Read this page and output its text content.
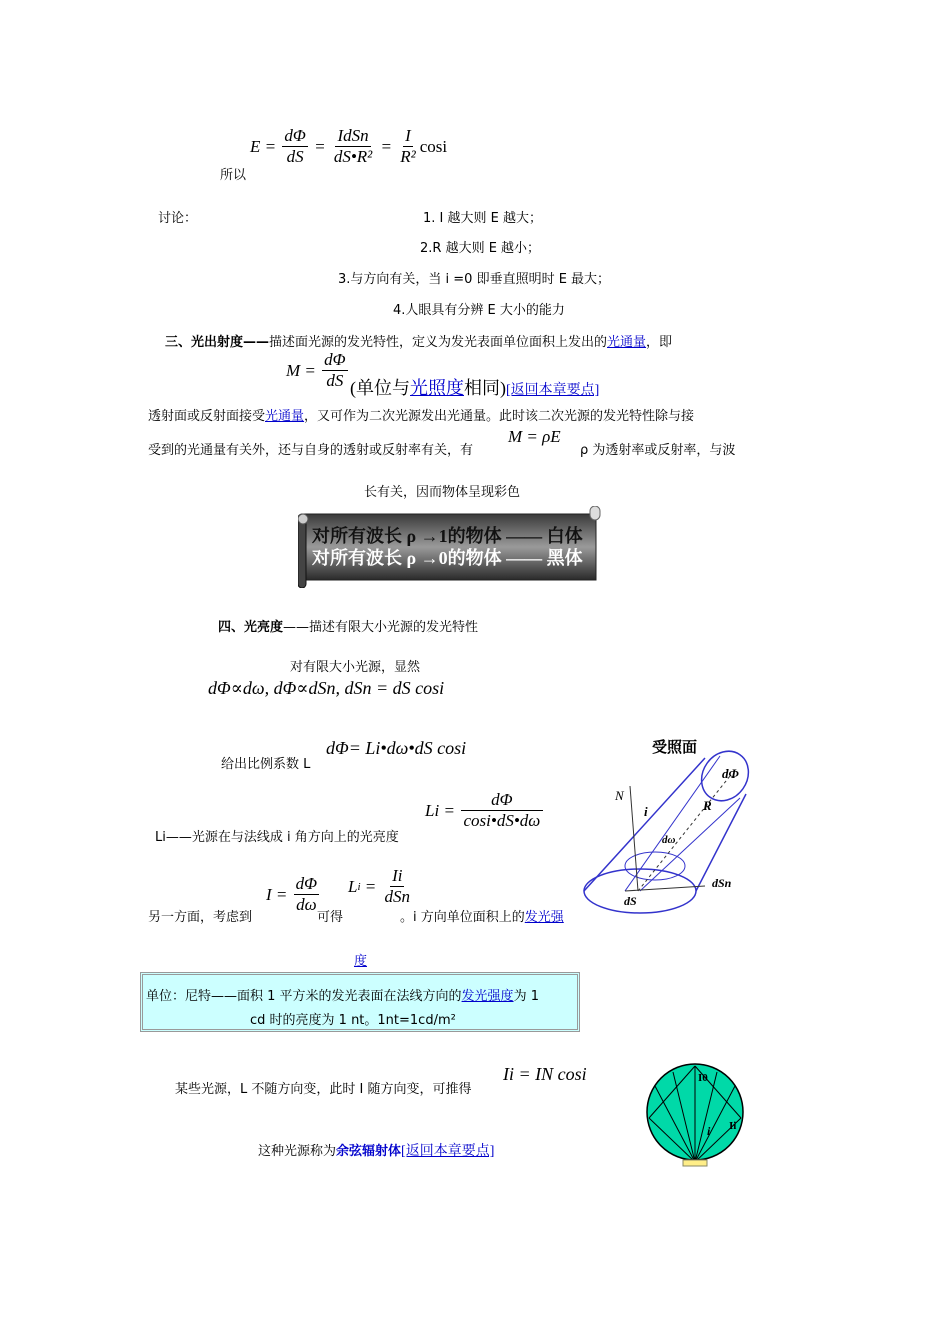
所以
$E = \frac{d\Phi}{dS} = \frac{\text{IdSn}}{\text{dS•R²}} = \frac{I}{\text{R²}}$ cosi
讨论：	1. I 越大则 E 越大；
2.R 越大则 E 越小；
3.与方向有关，当 i =0 即垂直照明时 E 最大；
4.人眼具有分辨 E 大小的能力
三、光出射度——描述面光源的发光特性，定义为发光表面单位面积上发出的光通量，即
$M = \frac{d\Phi}{dS}$ (单位与光照度相同)[返回本章要点]
透射面或反射面接受光通量，又可作为二次光源发出光通量。此时该二次光源的发光特性除与接
受到的光通量有关外，还与自身的透射或反射率有关，有
M = ρE
ρ 为透射率或反射率，与波
长有关，因而物体呈现彩色
对所有波长 ρ →1的物体 —— 白体
对所有波长 ρ →0的物体 —— 黑体
四、光亮度——描述有限大小光源的发光特性
对有限大小光源，显然
dΦ∝dω, dΦ∝dSn, dSn = dS cosi
给出比例系数 L
dΦ= Li•dω•dS cosi
$Li = \frac{d\Phi}{\cos i•dS•d\omega}$
Li——光源在与法线成 i 角方向上的光亮度
另一方面，考虑到
$I = \frac{d\Phi}{d\omega}$
可得
L $i = \frac{Ii}{\text{dSn}}$
。i 方向单位面积上的发光强
度
受照面
N
i
dΦ
R
dω
dSn
dS
单位：尼特——面积 1 平方米的发光表面在法线方向的发光强度为 1
cd 时的亮度为 1 nt。1nt=1cd/m²
某些光源，L 不随方向变，此时 I 随方向变，可推得
Ii = IN cosi
这种光源称为余弦辐射体[返回本章要点]
I0
i Ii
